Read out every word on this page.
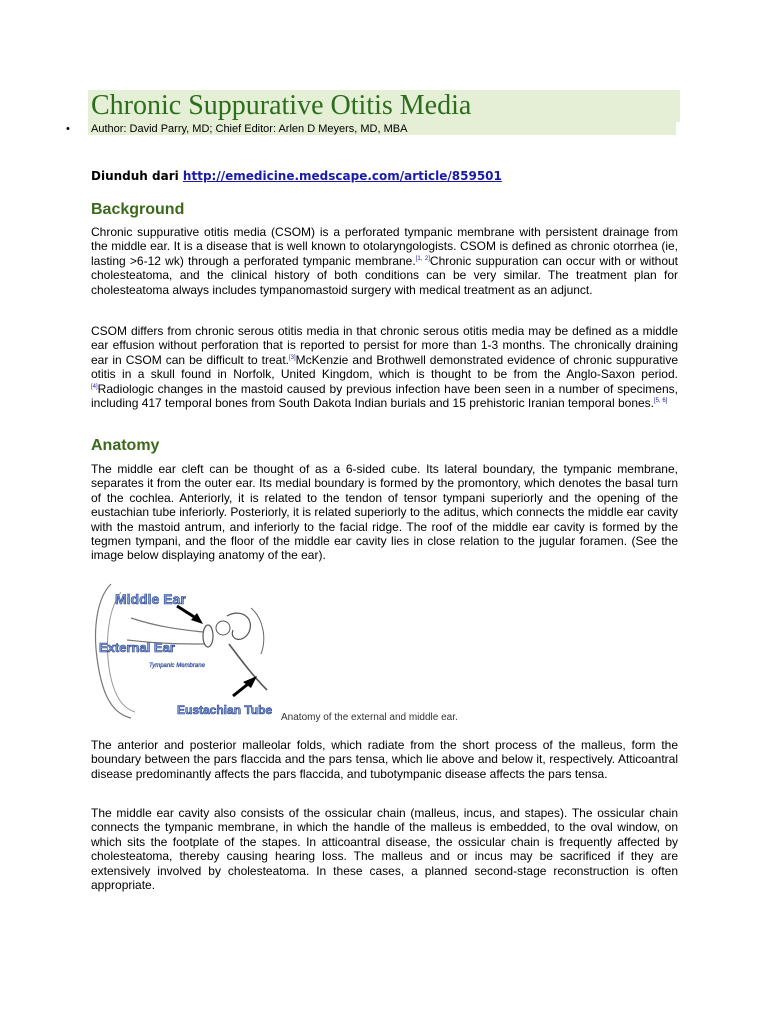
Chronic Suppurative Otitis Media
• Author: David Parry, MD; Chief Editor: Arlen D Meyers, MD, MBA
Diunduh dari http://emedicine.medscape.com/article/859501
Background

Chronic suppurative otitis media (CSOM) is a perforated tympanic membrane with persistent drainage from the middle ear. It is a disease that is well known to otolaryngologists. CSOM is defined as chronic otorrhea (ie, lasting >6-12 wk) through a perforated tympanic membrane.[1, 2]Chronic suppuration can occur with or without cholesteatoma, and the clinical history of both conditions can be very similar. The treatment plan for cholesteatoma always includes tympanomastoid surgery with medical treatment as an adjunct.

CSOM differs from chronic serous otitis media in that chronic serous otitis media may be defined as a middle ear effusion without perforation that is reported to persist for more than 1-3 months. The chronically draining ear in CSOM can be difficult to treat.[3]McKenzie and Brothwell demonstrated evidence of chronic suppurative otitis in a skull found in Norfolk, United Kingdom, which is thought to be from the Anglo-Saxon period.[4]Radiologic changes in the mastoid caused by previous infection have been seen in a number of specimens, including 417 temporal bones from South Dakota Indian burials and 15 prehistoric Iranian temporal bones.[5, 6]

Anatomy

The middle ear cleft can be thought of as a 6-sided cube. Its lateral boundary, the tympanic membrane, separates it from the outer ear. Its medial boundary is formed by the promontory, which denotes the basal turn of the cochlea. Anteriorly, it is related to the tendon of tensor tympani superiorly and the opening of the eustachian tube inferiorly. Posteriorly, it is related superiorly to the aditus, which connects the middle ear cavity with the mastoid antrum, and inferiorly to the facial ridge. The roof of the middle ear cavity is formed by the tegmen tympani, and the floor of the middle ear cavity lies in close relation to the jugular foramen. (See the image below displaying anatomy of the ear).

Middle Ear
External Ear
Tympanic Membrane
Eustachian Tube
Anatomy of the external and middle ear.

The anterior and posterior malleolar folds, which radiate from the short process of the malleus, form the boundary between the pars flaccida and the pars tensa, which lie above and below it, respectively. Atticoantral disease predominantly affects the pars flaccida, and tubotympanic disease affects the pars tensa.

The middle ear cavity also consists of the ossicular chain (malleus, incus, and stapes). The ossicular chain connects the tympanic membrane, in which the handle of the malleus is embedded, to the oval window, on which sits the footplate of the stapes. In atticoantral disease, the ossicular chain is frequently affected by cholesteatoma, thereby causing hearing loss. The malleus and or incus may be sacrificed if they are extensively involved by cholesteatoma. In these cases, a planned second-stage reconstruction is often appropriate.
